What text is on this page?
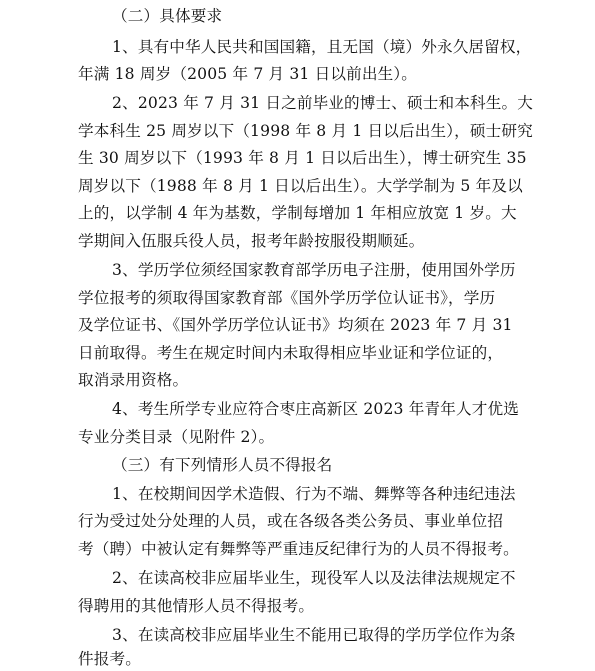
（二）具体要求
1、具有中华人民共和国国籍，且无国（境）外永久居留权，
年满 18 周岁（2005 年 7 月 31 日以前出生）。
2、2023 年 7 月 31 日之前毕业的博士、硕士和本科生。大
学本科生 25 周岁以下（1998 年 8 月 1 日以后出生），硕士研究
生 30 周岁以下（1993 年 8 月 1 日以后出生），博士研究生 35
周岁以下（1988 年 8 月 1 日以后出生）。大学学制为 5 年及以
上的，以学制 4 年为基数，学制每增加 1 年相应放宽 1 岁。大
学期间入伍服兵役人员，报考年龄按服役期顺延。
3、学历学位须经国家教育部学历电子注册，使用国外学历
学位报考的须取得国家教育部《国外学历学位认证书》，学历
及学位证书、《国外学历学位认证书》均须在 2023 年 7 月 31
日前取得。考生在规定时间内未取得相应毕业证和学位证的，
取消录用资格。
4、考生所学专业应符合枣庄高新区 2023 年青年人才优选
专业分类目录（见附件 2）。
（三）有下列情形人员不得报名
1、在校期间因学术造假、行为不端、舞弊等各种违纪违法
行为受过处分处理的人员，或在各级各类公务员、事业单位招
考（聘）中被认定有舞弊等严重违反纪律行为的人员不得报考。
2、在读高校非应届毕业生，现役军人以及法律法规规定不
得聘用的其他情形人员不得报考。
3、在读高校非应届毕业生不能用已取得的学历学位作为条
件报考。
